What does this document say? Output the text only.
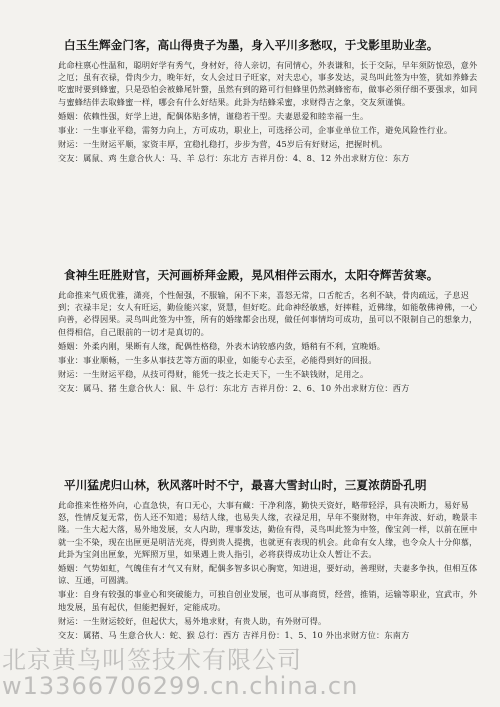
白玉生辉金门客，高山得贵子为墨，身入平川多愁叹，于戈影里助业垄。

此命柱禀心性温和，聪明好学有秀气，身材好，待人亲切，有同情心，外表谦和，长于交际，早年须防惊恐，意外之厄；虽有衣禄，骨肉少力，晚年好，女人会过日子旺家，对夫忠心，事多发达，灵鸟叫此签为中签，犹如养蜂去吃蜜时要到蜂蜜，只是恐怕会被蜂尾针螫，虽然有到的路可行但蜂里仍然剥蜂密布，做事必须仔细不要强求，如同与蜜蜂结伴去取蜂蜜一样，哪会有什么好结果。此卦为结蜂采蜜，求财得吉之象，交友须谨慎。

婚姻：依赖性强，好学上进，配偶体贴多情，谨稳若干型。夫妻恩爱和睦幸福一生。

事业：一生事业平稳，需努力向上，方可成功，职业上，可选择公司，企事业单位工作，避免风险性行业。

财运：一生财运平顺，家资丰厚，宜稳扎稳打，步步为营，45岁后有好财运，把握时机。

交友：属鼠、鸡 生意合伙人：马、羊 总行：东北方 吉祥月份：4、8、12 外出求财方位：东方

食神生旺胜财官，天河画桥拜金殿，晃风相伴云雨水，太阳夺辉苦贫寒。

此命推来气质优雅，潇亮，个性倔强，不服输，闲不下来，喜怒无常，口舌舵舌，名利不缺，骨肉疏远，子息迟到；衣禄丰足；女人有旺运，勤俭能兴家，贤慧，但好吃。此命神经敏感，好摔鞋，近佛缘，如能敬佛神佛，一心向善，必得因果。灵鸟叫此签为中签，所有的婚缘都会出现，做任何事情均可成功，虽可以不限制自己的想象力，但得相信，自己眼前的一切才是真切的。

婚姻：外柔内刚，果断有人缘，配偶性格稳，外表木讷较感内敛，婚稍有不利，宜晚婚。

事业：事业顺畅，一生多从事技艺等方面的职业，如能专心去至，必能得到好的回报。

财运：一生财运平稳，从技可得财，能凭一技之长走天下，一生不缺钱财，足用之。

交友：属马、猪 生意合伙人：鼠、牛 总行：东北方 吉祥月份：2、6、10 外出求财方位：西方

平川猛虎归山林，秋风落叶时不宁，最喜大雪封山时，三夏浓荫卧孔明

此命推来性格外向，心直急快，有口无心，大事有藏：干净利落，勤快天资好，略带轻浮，具有决断力，易好易怒，性情反复无常，伤人还不知道；易结人缘，也易失人缘，衣禄足用，早年不聚财物，中年奔波、好动，晚景丰隆。一生大起大落，易外地发展，女人内助，理事发达，勤俭有得，灵鸟叫此签为中签，像宝剑一样，以前在匣中就一尘不染，现在出匣更是明洁光亮，得到贵人提携，也就更有表现的机会。此命有女人缘，也令众人十分仰慕，此卦为宝剑出匣象，光辉照万里，如果遇上贵人指引，必将获得成功让众人暂让不去。

婚姻：气势如虹，气魄佳有才气又有财，配偶多智多识心胸宽，知进退，要好动，善理财，夫妻多争执，但相互体谅、互通，可圆满。

事业：自身有较强的事业心和突破能力，可独自创业发展，也可从事商贸，经营，推销，运输等职业，宜武市，外地发展，虽有起伏，但能把握好，定能成功。

财运：一生财运较好，但起伏大，易外地求财，有贵人助，有外财可得。

交友：属猪、马 生意合伙人：蛇、猴 总行：西方 吉祥月份：1、5、10 外出求财方位：东南方

北京黄鸟叫签技术有限公司
w13366706299.cn.china.cn
